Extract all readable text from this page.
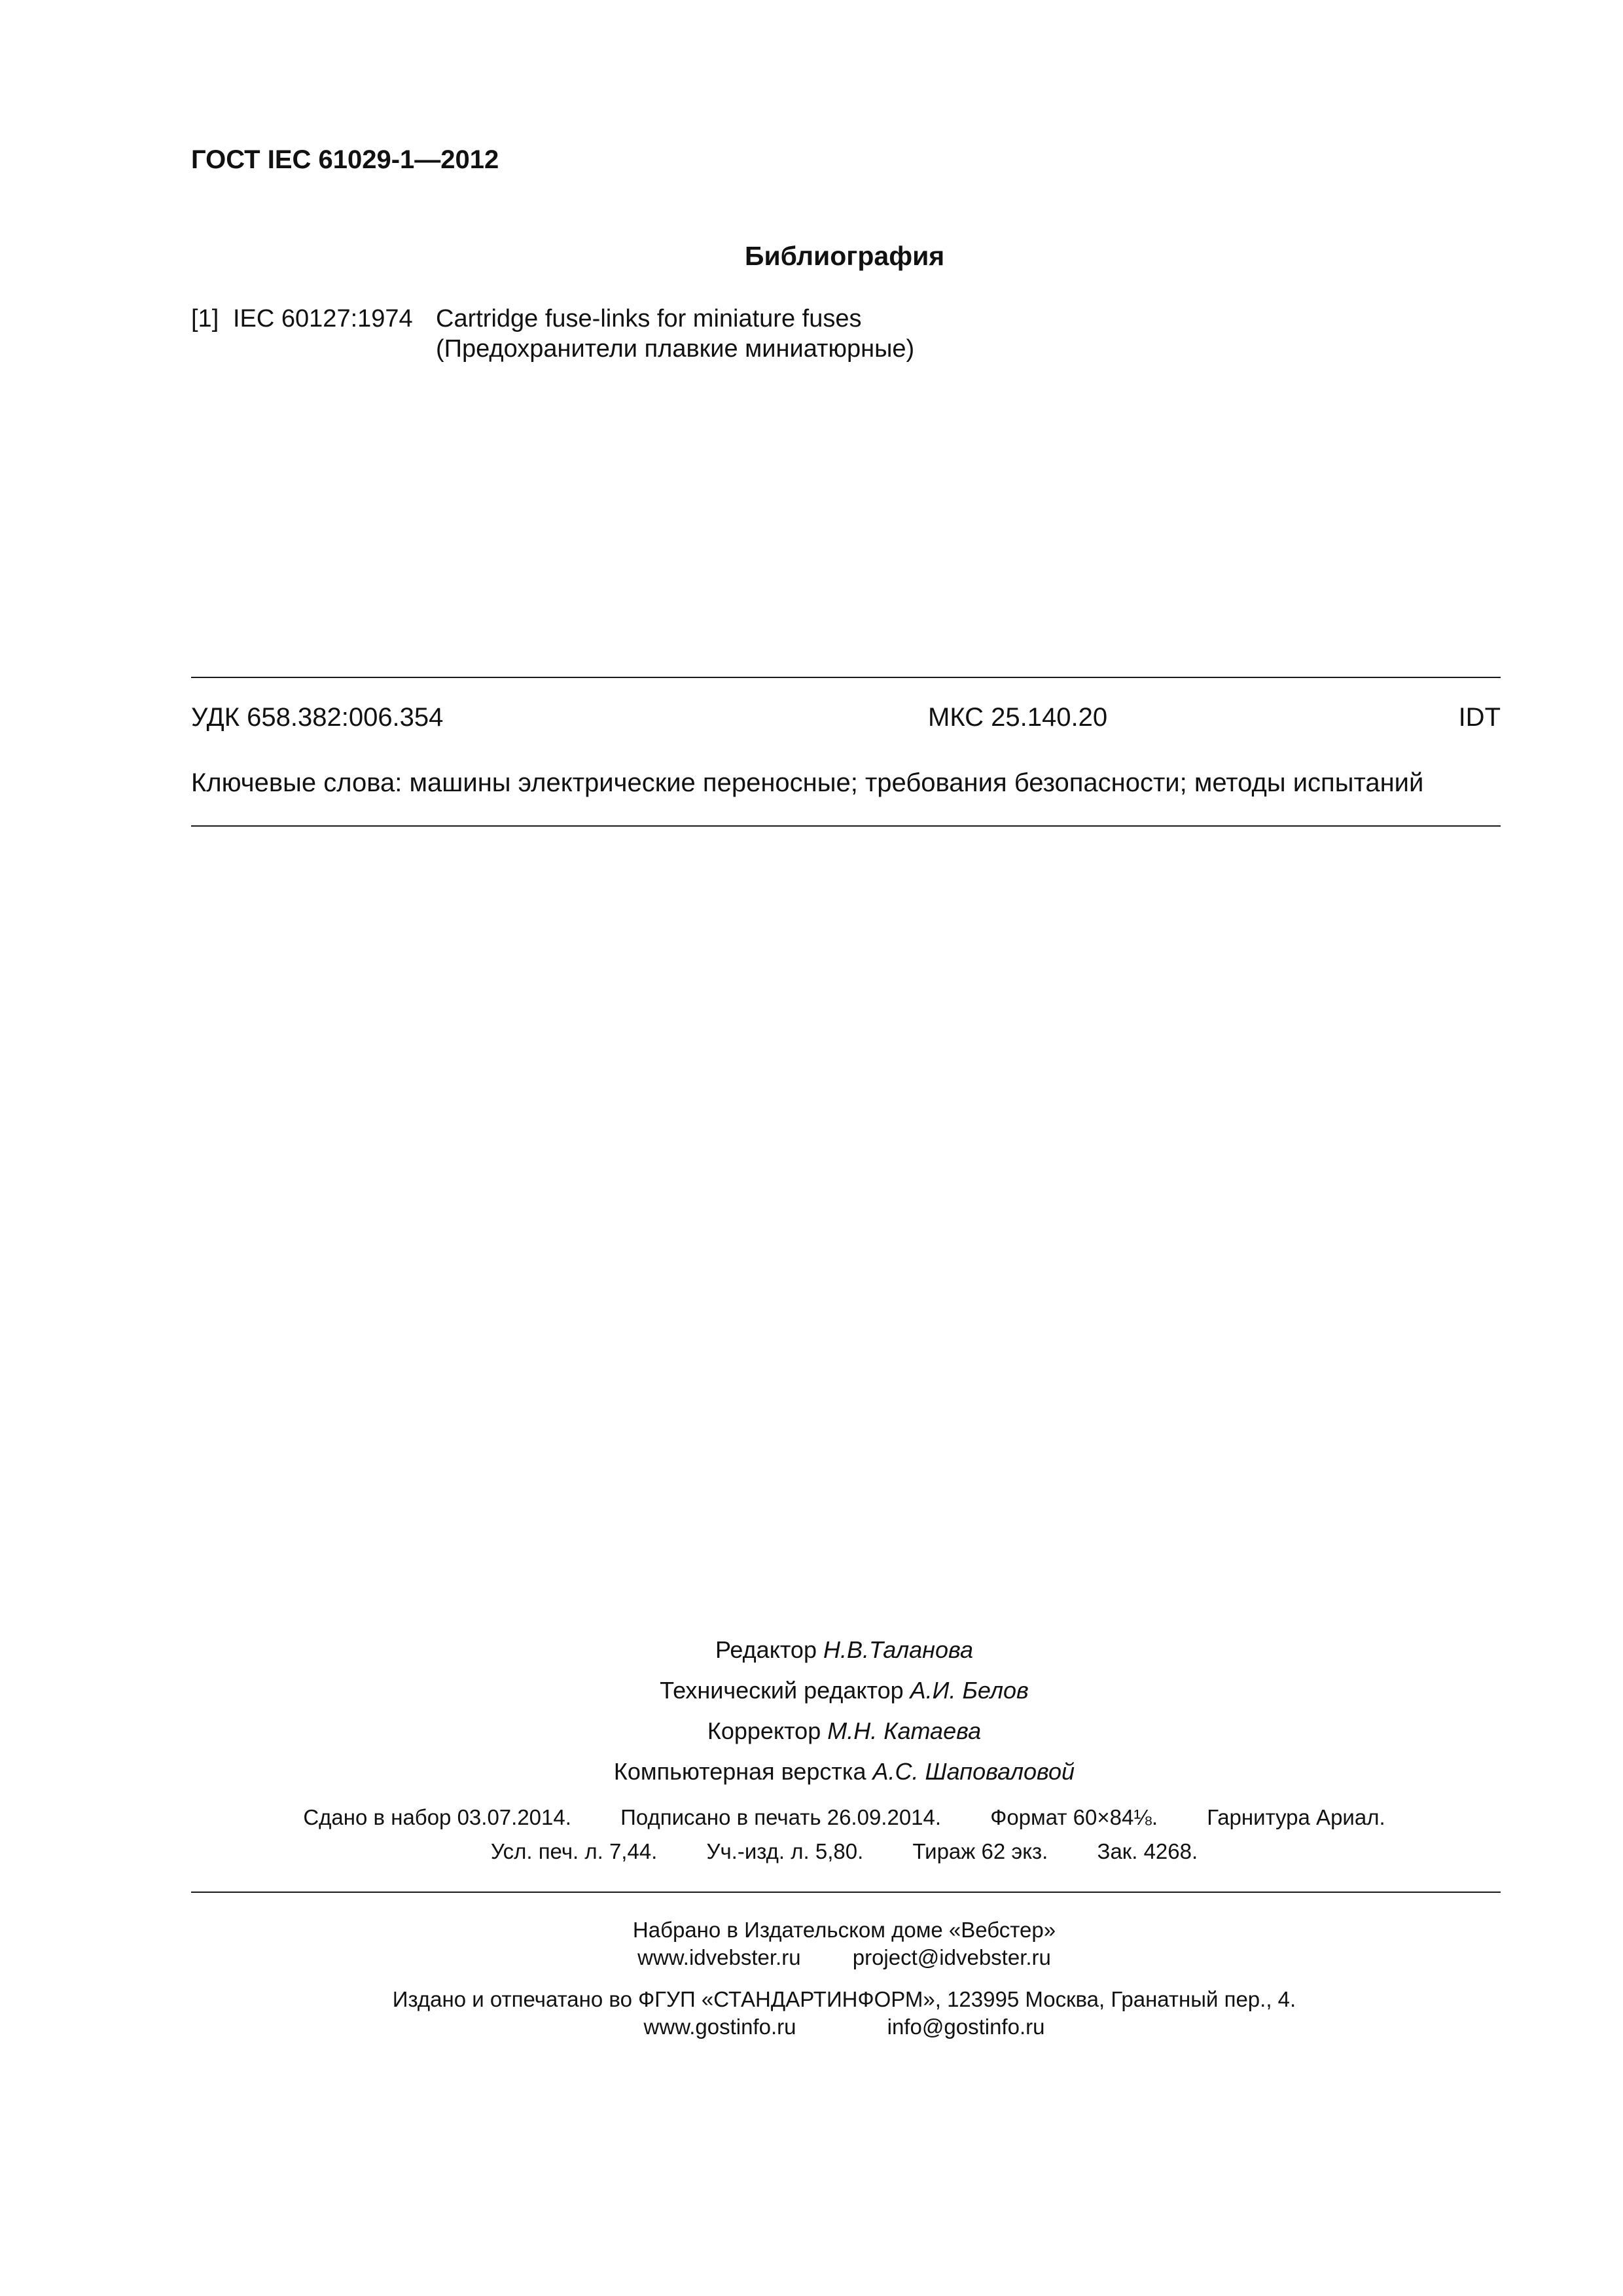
ГОСТ IEC 61029-1—2012
Библиография
[1] IEC 60127:1974 Cartridge fuse-links for miniature fuses
(Предохранители плавкие миниатюрные)
УДК 658.382:006.354	МКС 25.140.20	IDT
Ключевые слова: машины электрические переносные; требования безопасности; методы испытаний
Редактор Н.В.Таланова
Технический редактор А.И. Белов
Корректор М.Н. Катаева
Компьютерная верстка А.С. Шаповаловой
Сдано в набор 03.07.2014. Подписано в печать 26.09.2014. Формат 60×84⅛. Гарнитура Ариал.
Усл. печ. л. 7,44. Уч.-изд. л. 5,80. Тираж 62 экз. Зак. 4268.
Набрано в Издательском доме «Вебстер»
www.idvebster.ru project@idvebster.ru
Издано и отпечатано во ФГУП «СТАНДАРТИНФОРМ», 123995 Москва, Гранатный пер., 4.
www.gostinfo.ru	info@gostinfo.ru
